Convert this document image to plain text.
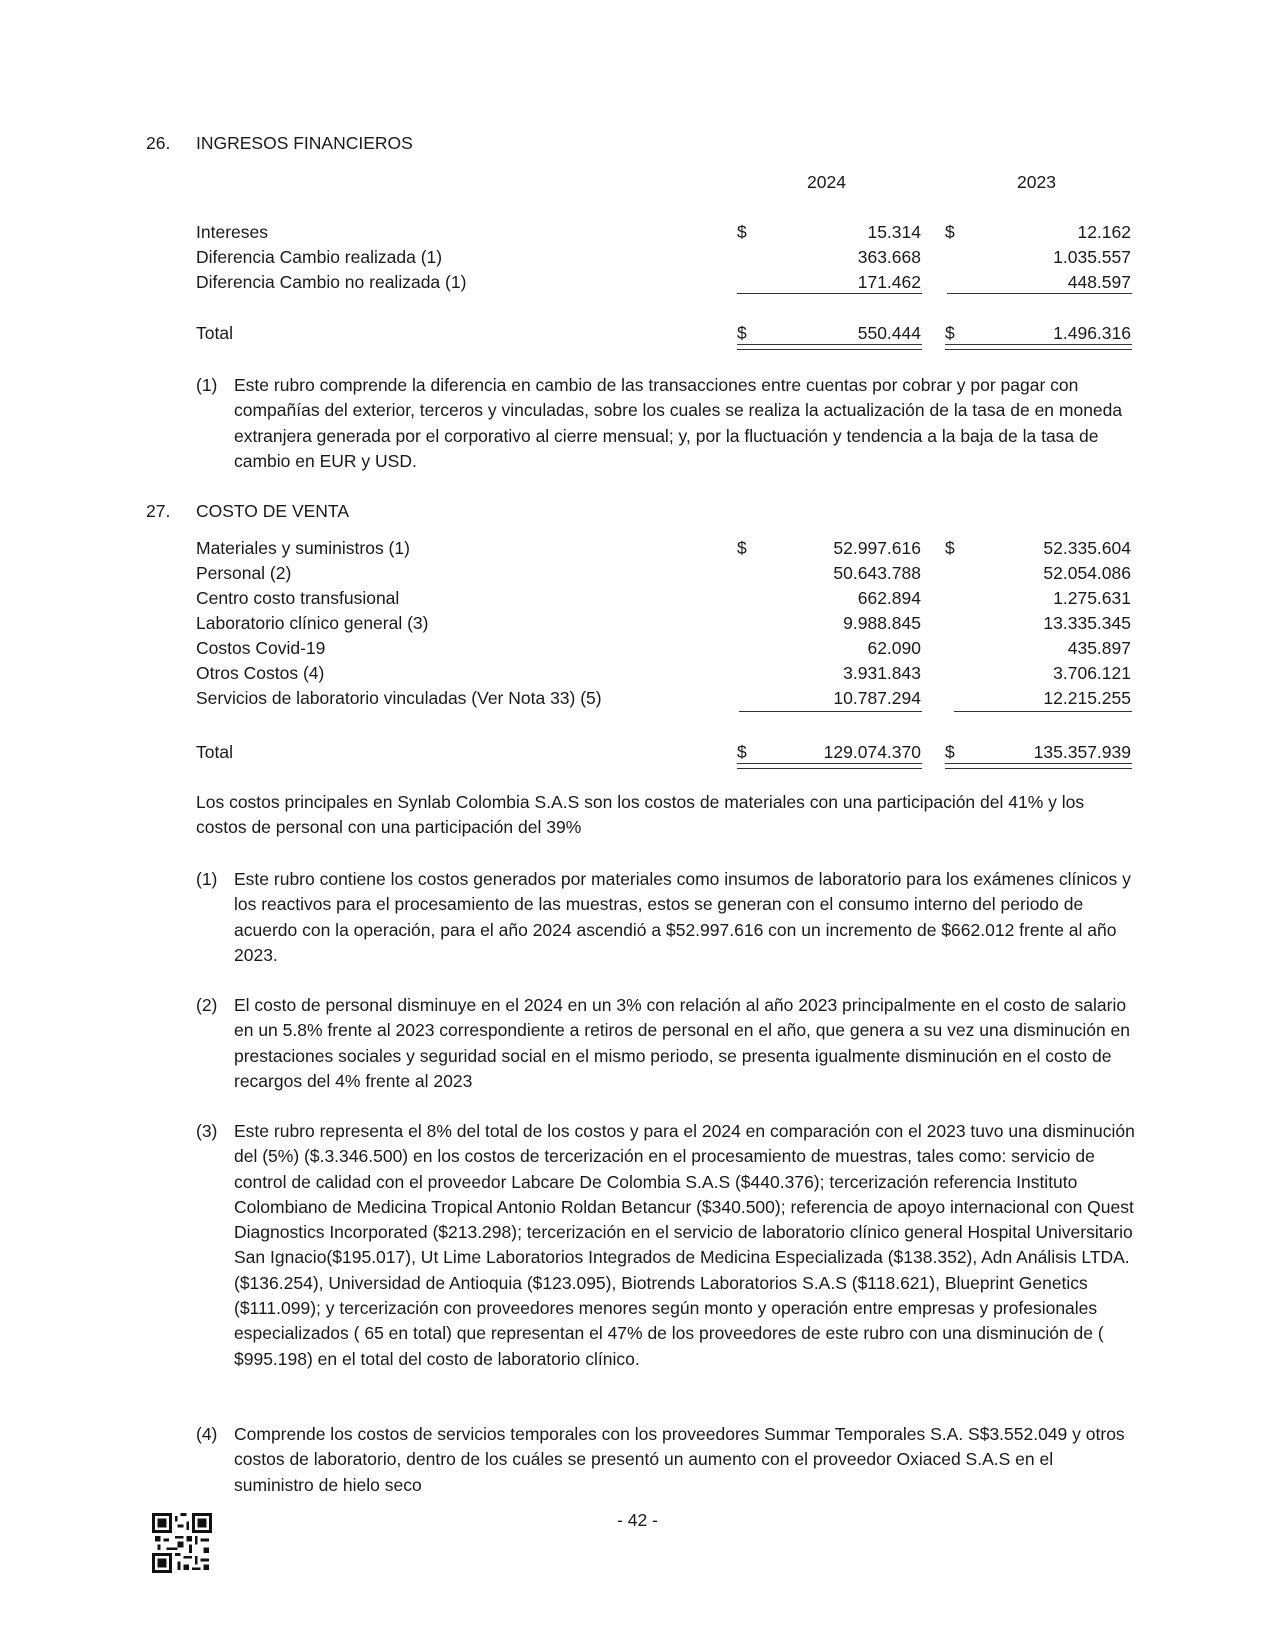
26. INGRESOS FINANCIEROS
2024	2023
Intereses	$	15.314 $	12.162
Diferencia Cambio realizada (1)	363.668	1.035.557
Diferencia Cambio no realizada (1)	171.462	448.597
Total	$	550.444 $	1.496.316
(1) Este rubro comprende la diferencia en cambio de las transacciones entre cuentas por cobrar y por pagar con compañías del exterior, terceros y vinculadas, sobre los cuales se realiza la actualización de la tasa de en moneda extranjera generada por el corporativo al cierre mensual; y, por la fluctuación y tendencia a la baja de la tasa de cambio en EUR y USD.
27. COSTO DE VENTA
Materiales y suministros (1)	$	52.997.616 $	52.335.604
Personal (2)	50.643.788	52.054.086
Centro costo transfusional	662.894	1.275.631
Laboratorio clínico general (3)	9.988.845	13.335.345
Costos Covid-19	62.090	435.897
Otros Costos (4)	3.931.843	3.706.121
Servicios de laboratorio vinculadas (Ver Nota 33) (5)	10.787.294	12.215.255
Total	$	129.074.370 $	135.357.939
Los costos principales en Synlab Colombia S.A.S son los costos de materiales con una participación del 41% y los costos de personal con una participación del 39%
(1) Este rubro contiene los costos generados por materiales como insumos de laboratorio para los exámenes clínicos y los reactivos para el procesamiento de las muestras, estos se generan con el consumo interno del periodo de acuerdo con la operación, para el año 2024 ascendió a $52.997.616 con un incremento de $662.012 frente al año 2023.
(2) El costo de personal disminuye en el 2024 en un 3% con relación al año 2023 principalmente en el costo de salario en un 5.8% frente al 2023 correspondiente a retiros de personal en el año, que genera a su vez una disminución en prestaciones sociales y seguridad social en el mismo periodo, se presenta igualmente disminución en el costo de recargos del 4% frente al 2023
(3) Este rubro representa el 8% del total de los costos y para el 2024 en comparación con el 2023 tuvo una disminución del (5%) ($.3.346.500) en los costos de tercerización en el procesamiento de muestras, tales como: servicio de control de calidad con el proveedor Labcare De Colombia S.A.S ($440.376); tercerización referencia Instituto Colombiano de Medicina Tropical Antonio Roldan Betancur ($340.500); referencia de apoyo internacional con Quest Diagnostics Incorporated ($213.298); tercerización en el servicio de laboratorio clínico general Hospital Universitario San Ignacio($195.017), Ut Lime Laboratorios Integrados de Medicina Especializada ($138.352), Adn Análisis LTDA. ($136.254), Universidad de Antioquia ($123.095), Biotrends Laboratorios S.A.S ($118.621), Blueprint Genetics ($111.099); y tercerización con proveedores menores según monto y operación entre empresas y profesionales especializados ( 65 en total) que representan el 47% de los proveedores de este rubro con una disminución de ( $995.198) en el total del costo de laboratorio clínico.
(4) Comprende los costos de servicios temporales con los proveedores Summar Temporales S.A. S$3.552.049 y otros costos de laboratorio, dentro de los cuáles se presentó un aumento con el proveedor Oxiaced S.A.S en el suministro de hielo seco
- 42 -
